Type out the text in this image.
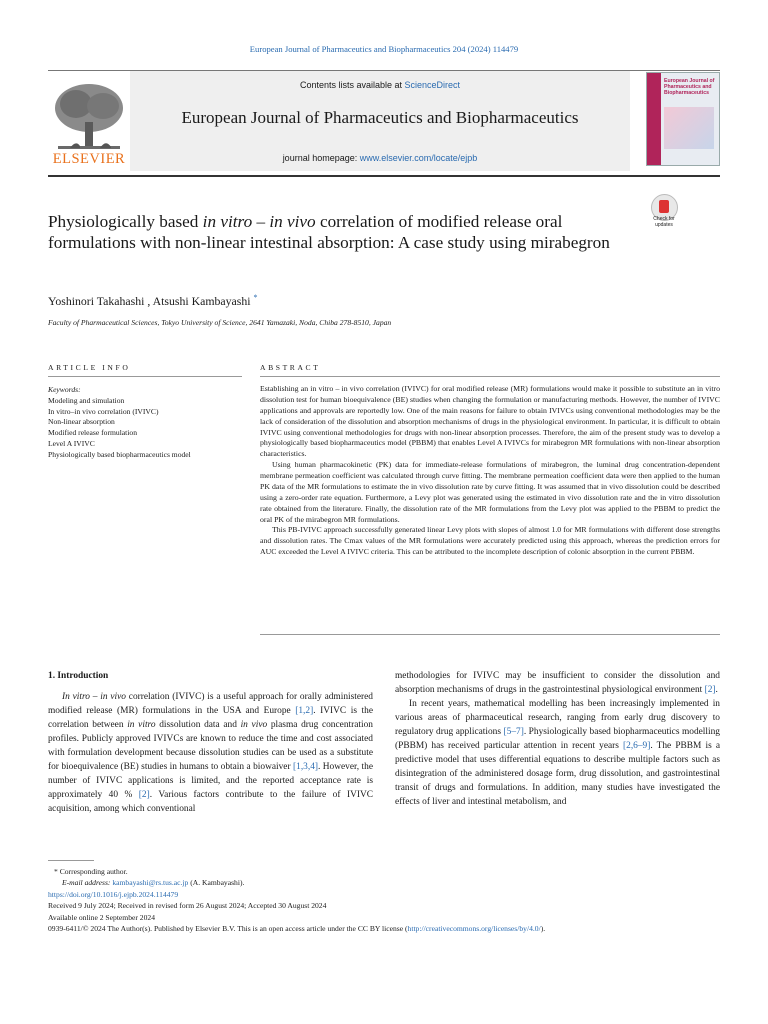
European Journal of Pharmaceutics and Biopharmaceutics 204 (2024) 114479
ELSEVIER
Contents lists available at ScienceDirect
European Journal of Pharmaceutics and Biopharmaceutics
journal homepage: www.elsevier.com/locate/ejpb
European Journal of Pharmaceutics and Biopharmaceutics
Physiologically based in vitro – in vivo correlation of modified release oral formulations with non-linear intestinal absorption: A case study using mirabegron
Check for updates
Yoshinori Takahashi , Atsushi Kambayashi *
Faculty of Pharmaceutical Sciences, Tokyo University of Science, 2641 Yamazaki, Noda, Chiba 278-8510, Japan
ARTICLE INFO	ABSTRACT
Keywords:
Modeling and simulation
In vitro–in vivo correlation (IVIVC)
Non-linear absorption
Modified release formulation
Level A IVIVC
Physiologically based biopharmaceutics model

Establishing an in vitro – in vivo correlation (IVIVC) for oral modified release (MR) formulations would make it possible to substitute an in vitro dissolution test for human bioequivalence (BE) studies when changing the formulation or manufacturing methods. However, the number of IVIVC applications and approvals are reportedly low. One of the main reasons for failure to obtain IVIVCs using conventional methodologies may be the lack of consideration of the dissolution and absorption mechanisms of drugs in the physiological environment. In particular, it is difficult to obtain IVIVC using conventional methodologies for drugs with non-linear absorption processes. Therefore, the aim of the present study was to develop a physiologically based biopharmaceutics model (PBBM) that enables Level A IVIVCs for mirabegron MR formulations with non-linear absorption characteristics.

Using human pharmacokinetic (PK) data for immediate-release formulations of mirabegron, the luminal drug concentration-dependent membrane permeation coefficient was calculated through curve fitting. The membrane permeation coefficient data were then applied to the human PK data of the MR formulations to estimate the in vivo dissolution rate by curve fitting. It was assumed that in vivo dissolution could be described using a zero-order rate equation. Furthermore, a Levy plot was generated using the estimated in vivo dissolution rate and the in vitro dissolution rate obtained from the literature. Finally, the dissolution rate of the MR formulations from the Levy plot was applied to the PBBM to predict the oral PK of the mirabegron MR formulations.

This PB-IVIVC approach successfully generated linear Levy plots with slopes of almost 1.0 for MR formulations with different dose strengths and dissolution rates. The Cmax values of the MR formulations were accurately predicted using this approach, whereas the prediction errors for AUC exceeded the Level A IVIVC criteria. This can be attributed to the incomplete description of colonic absorption in the current PBBM.

1. Introduction

In vitro – in vivo correlation (IVIVC) is a useful approach for orally administered modified release (MR) formulations in the USA and Europe [1,2]. IVIVC is the correlation between in vitro dissolution data and in vivo plasma drug concentration profiles. Publicly approved IVIVCs are known to reduce the time and cost associated with formulation development because dissolution studies can be used as a substitute for bioequivalence (BE) studies in humans to obtain a biowaiver [1,3,4]. However, the number of IVIVC applications is limited, and the reported acceptance rate is approximately 40 % [2]. Various factors contribute to the failure of IVIVC acquisition, among which conventional

methodologies for IVIVC may be insufficient to consider the dissolution and absorption mechanisms of drugs in the gastrointestinal physiological environment [2].

In recent years, mathematical modelling has been increasingly implemented in various areas of pharmaceutical research, ranging from early drug discovery to regulatory drug applications [5–7]. Physiologically based biopharmaceutics modelling (PBBM) has received particular attention in recent years [2,6–9]. The PBBM is a predictive model that uses differential equations to describe multiple factors such as disintegration of the administered dosage form, drug dissolution, and gastrointestinal transit of drugs and formulations. In addition, many studies have investigated the effects of liver and intestinal metabolism, and

* Corresponding author.

E-mail address: kambayashi@rs.tus.ac.jp (A. Kambayashi).

https://doi.org/10.1016/j.ejpb.2024.114479

Received 9 July 2024; Received in revised form 26 August 2024; Accepted 30 August 2024

Available online 2 September 2024

0939-6411/© 2024 The Author(s). Published by Elsevier B.V. This is an open access article under the CC BY license (http://creativecommons.org/licenses/by/4.0/).
